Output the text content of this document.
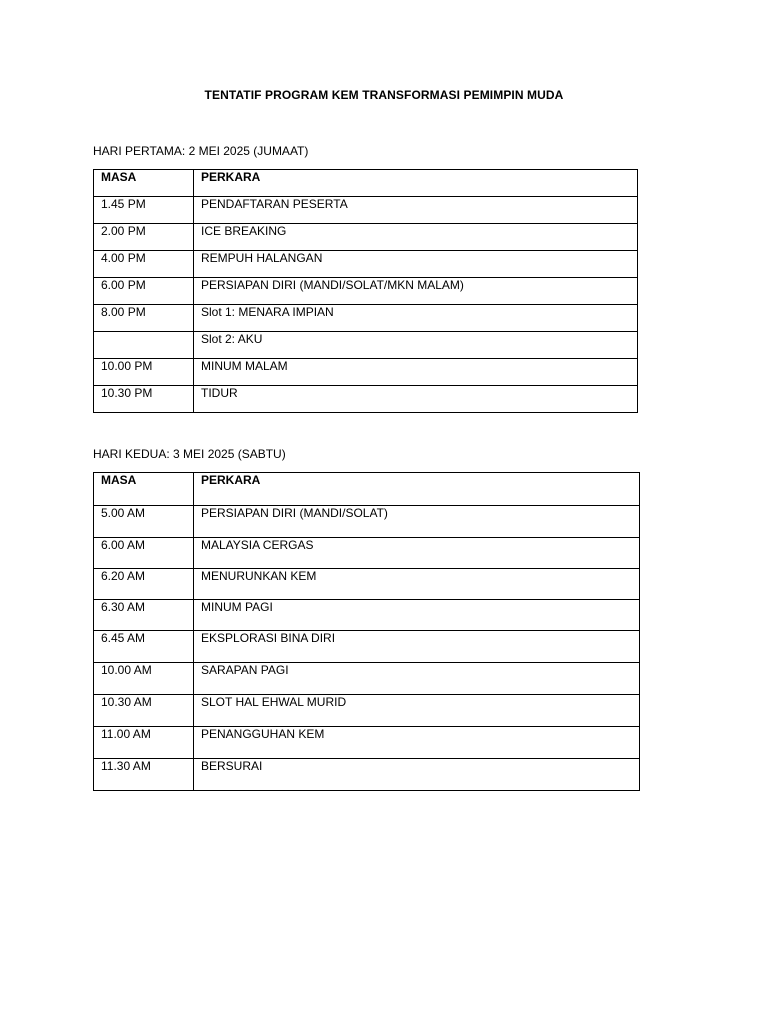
TENTATIF PROGRAM KEM TRANSFORMASI PEMIMPIN MUDA
HARI PERTAMA: 2 MEI 2025 (JUMAAT)
MASA	PERKARA
1.45 PM	PENDAFTARAN PESERTA
2.00 PM	ICE BREAKING
4.00 PM	REMPUH HALANGAN
6.00 PM	PERSIAPAN DIRI (MANDI/SOLAT/MKN MALAM)
8.00 PM	Slot 1: MENARA IMPIAN
	Slot 2: AKU
10.00 PM	MINUM MALAM
10.30 PM	TIDUR
HARI KEDUA: 3 MEI 2025 (SABTU)
MASA	PERKARA
5.00 AM	PERSIAPAN DIRI (MANDI/SOLAT)
6.00 AM	MALAYSIA CERGAS
6.20 AM	MENURUNKAN KEM
6.30 AM	MINUM PAGI
6.45 AM	EKSPLORASI BINA DIRI
10.00 AM	SARAPAN PAGI
10.30 AM	SLOT HAL EHWAL MURID
11.00 AM	PENANGGUHAN KEM
11.30 AM	BERSURAI
